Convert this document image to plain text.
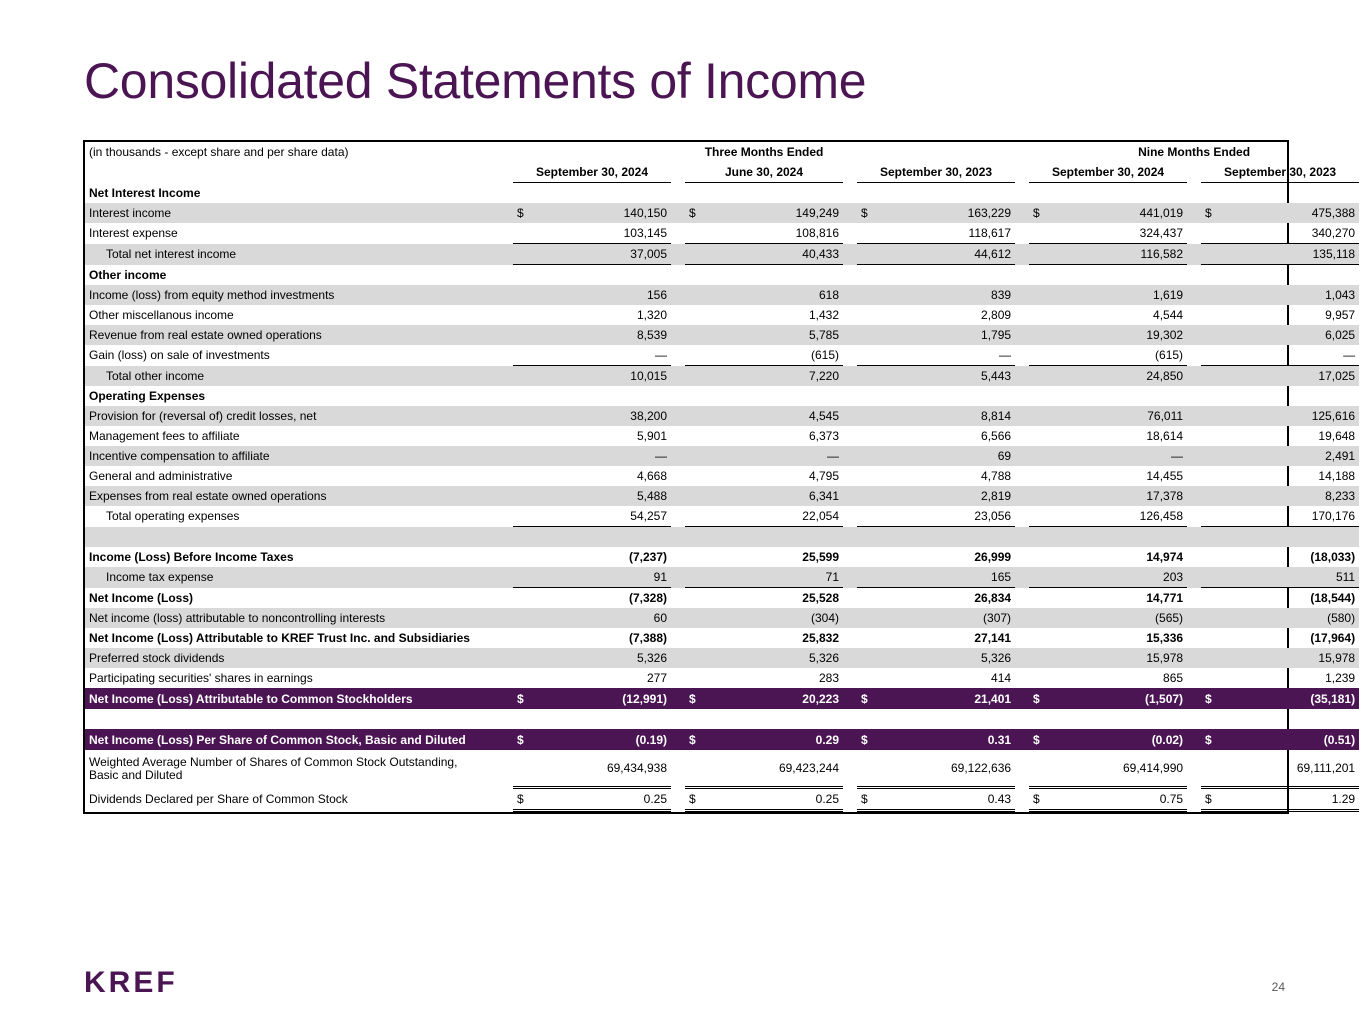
Consolidated Statements of Income
(in thousands - except share and per share data)	Three Months Ended									Nine Months Ended				
	September 30, 2024			June 30, 2024			September 30, 2023			September 30, 2024			September 30, 2023	
Net Interest Income														
Interest income	$	140,150		$	149,249		$	163,229		$	441,019		$	475,388
Interest expense		103,145			108,816			118,617			324,437			340,270
Total net interest income		37,005			40,433			44,612			116,582			135,118
Other income														
Income (loss) from equity method investments		156			618			839			1,619			1,043
Other miscellanous income		1,320			1,432			2,809			4,544			9,957
Revenue from real estate owned operations		8,539			5,785			1,795			19,302			6,025
Gain (loss) on sale of investments		—			(615)			—			(615)			—
Total other income		10,015			7,220			5,443			24,850			17,025
Operating Expenses														
Provision for (reversal of) credit losses, net		38,200			4,545			8,814			76,011			125,616
Management fees to affiliate		5,901			6,373			6,566			18,614			19,648
Incentive compensation to affiliate		—			—			69			—			2,491
General and administrative		4,668			4,795			4,788			14,455			14,188
Expenses from real estate owned operations		5,488			6,341			2,819			17,378			8,233
Total operating expenses		54,257			22,054			23,056			126,458			170,176

Income (Loss) Before Income Taxes		(7,237)			25,599			26,999			14,974			(18,033)
Income tax expense		91			71			165			203			511
Net Income (Loss)		(7,328)			25,528			26,834			14,771			(18,544)
Net income (loss) attributable to noncontrolling interests		60			(304)			(307)			(565)			(580)
Net Income (Loss) Attributable to KREF Trust Inc. and Subsidiaries		(7,388)			25,832			27,141			15,336			(17,964)
Preferred stock dividends		5,326			5,326			5,326			15,978			15,978
Participating securities' shares in earnings		277			283			414			865			1,239
Net Income (Loss) Attributable to Common Stockholders	$	(12,991)		$	20,223		$	21,401		$	(1,507)		$	(35,181)

Net Income (Loss) Per Share of Common Stock, Basic and Diluted	$	(0.19)		$	0.29		$	0.31		$	(0.02)		$	(0.51)

Weighted Average Number of Shares of Common Stock Outstanding,
Basic and Diluted		69,434,938			69,423,244			69,122,636			69,414,990			69,111,201
Dividends Declared per Share of Common Stock	$	0.25		$	0.25		$	0.43		$	0.75		$	1.29
KREF	24
